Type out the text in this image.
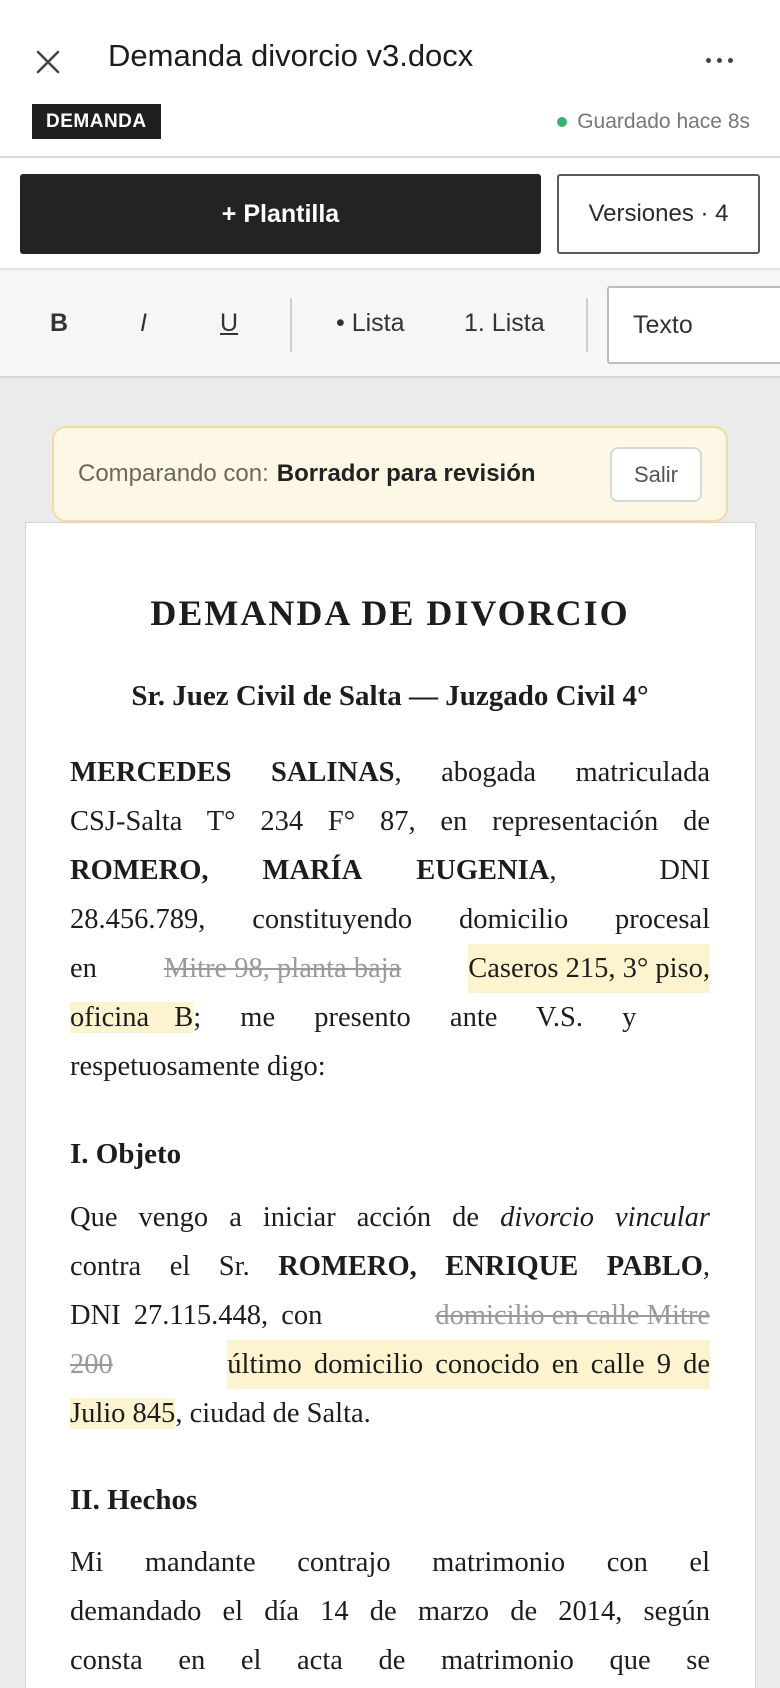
Demanda divorcio v3.docx
DEMANDA	Guardado hace 8s
+ Plantilla	Versiones · 4
B	I	U	• Lista 1. Lista	Texto
Comparando con: Borrador para revisión	Salir
DEMANDA DE DIVORCIO
Sr. Juez Civil de Salta — Juzgado Civil 4°
MERCEDES SALINAS, abogada matriculada
CSJ-Salta T° 234 F° 87, en representación de
ROMERO, MARÍA EUGENIA,	DNI
28.456.789, constituyendo domicilio procesal
en Mitre 98, planta baja Caseros 215, 3° piso,
oficina B; me presento ante V.S. y
respetuosamente digo:
I. Objeto
Que vengo a iniciar acción de divorcio vincular
contra el Sr. ROMERO, ENRIQUE PABLO,
DNI 27.115.448, con	domicilio en calle Mitre
200	último domicilio conocido en calle 9 de
Julio 845, ciudad de Salta.
II. Hechos
Mi mandante contrajo matrimonio con el
demandado el día 14 de marzo de 2014, según
consta en el acta de matrimonio que se
